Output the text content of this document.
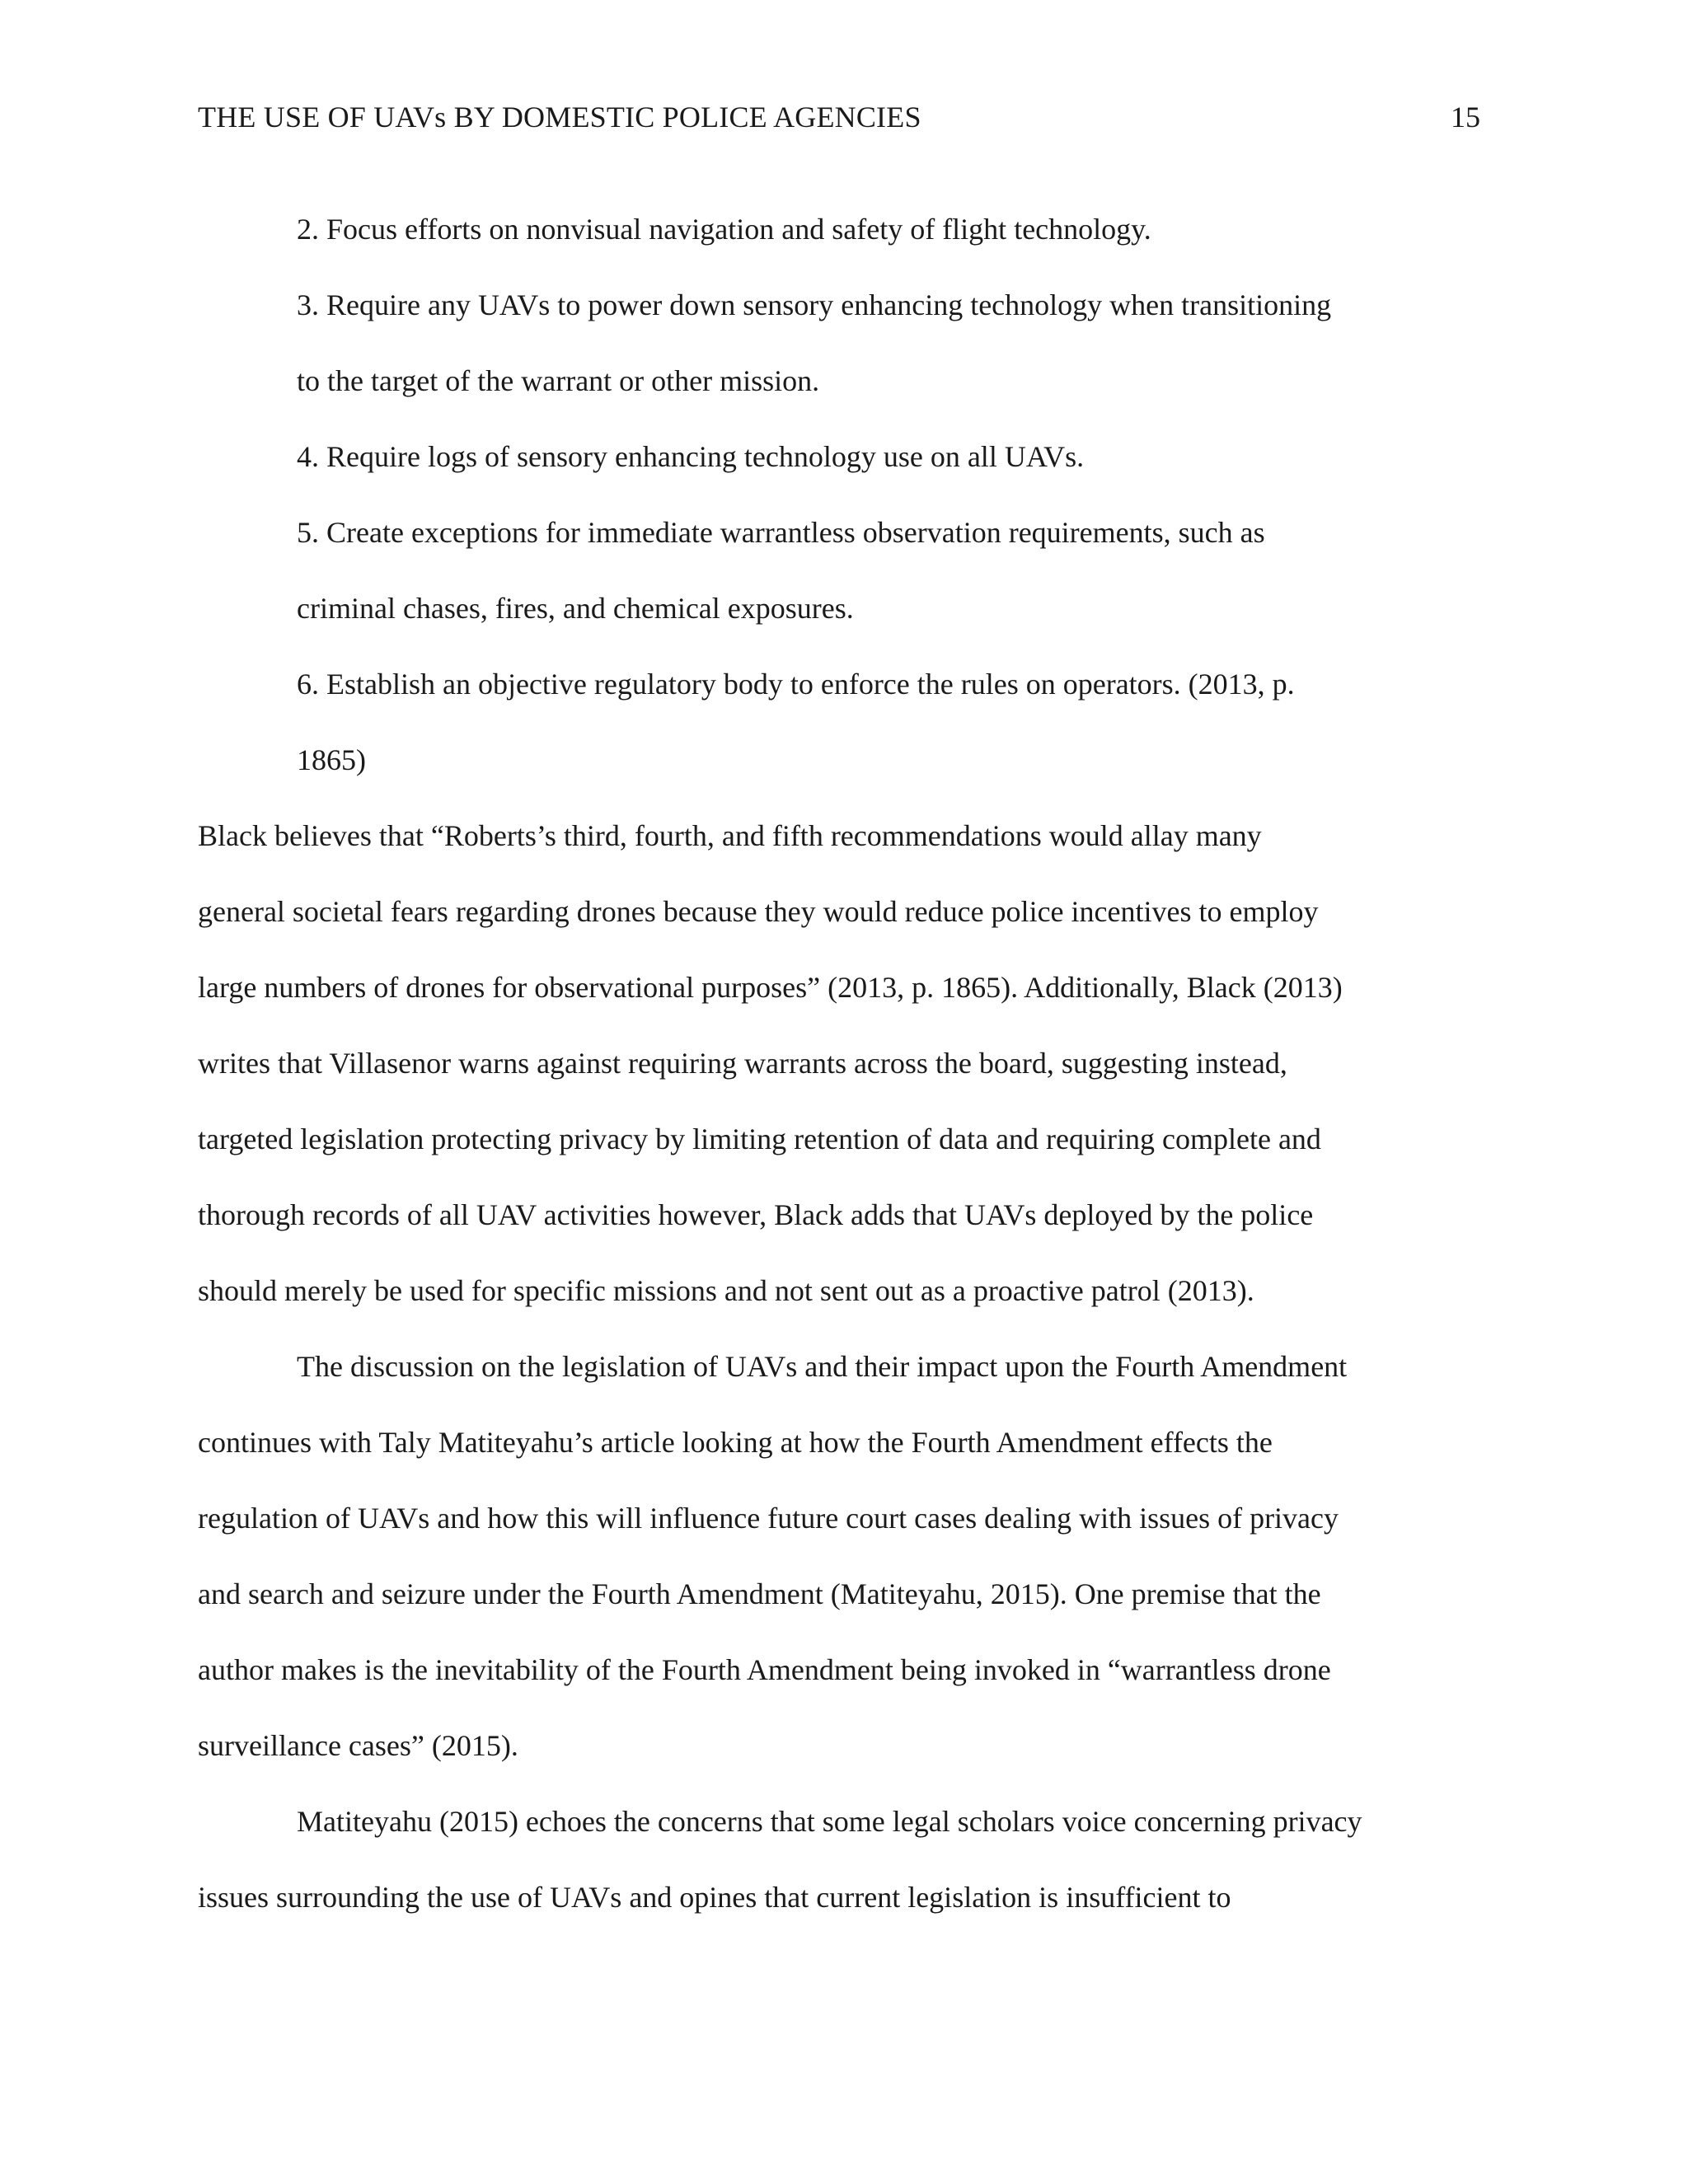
THE USE OF UAVs BY DOMESTIC POLICE AGENCIES	15
2. Focus efforts on nonvisual navigation and safety of flight technology.
3. Require any UAVs to power down sensory enhancing technology when transitioning
to the target of the warrant or other mission.
4. Require logs of sensory enhancing technology use on all UAVs.
5. Create exceptions for immediate warrantless observation requirements, such as
criminal chases, fires, and chemical exposures.
6. Establish an objective regulatory body to enforce the rules on operators. (2013, p.
1865)
Black believes that “Roberts’s third, fourth, and fifth recommendations would allay many
general societal fears regarding drones because they would reduce police incentives to employ
large numbers of drones for observational purposes” (2013, p. 1865). Additionally, Black (2013)
writes that Villasenor warns against requiring warrants across the board, suggesting instead,
targeted legislation protecting privacy by limiting retention of data and requiring complete and
thorough records of all UAV activities however, Black adds that UAVs deployed by the police
should merely be used for specific missions and not sent out as a proactive patrol (2013).
The discussion on the legislation of UAVs and their impact upon the Fourth Amendment
continues with Taly Matiteyahu’s article looking at how the Fourth Amendment effects the
regulation of UAVs and how this will influence future court cases dealing with issues of privacy
and search and seizure under the Fourth Amendment (Matiteyahu, 2015). One premise that the
author makes is the inevitability of the Fourth Amendment being invoked in “warrantless drone
surveillance cases” (2015).
Matiteyahu (2015) echoes the concerns that some legal scholars voice concerning privacy
issues surrounding the use of UAVs and opines that current legislation is insufficient to
